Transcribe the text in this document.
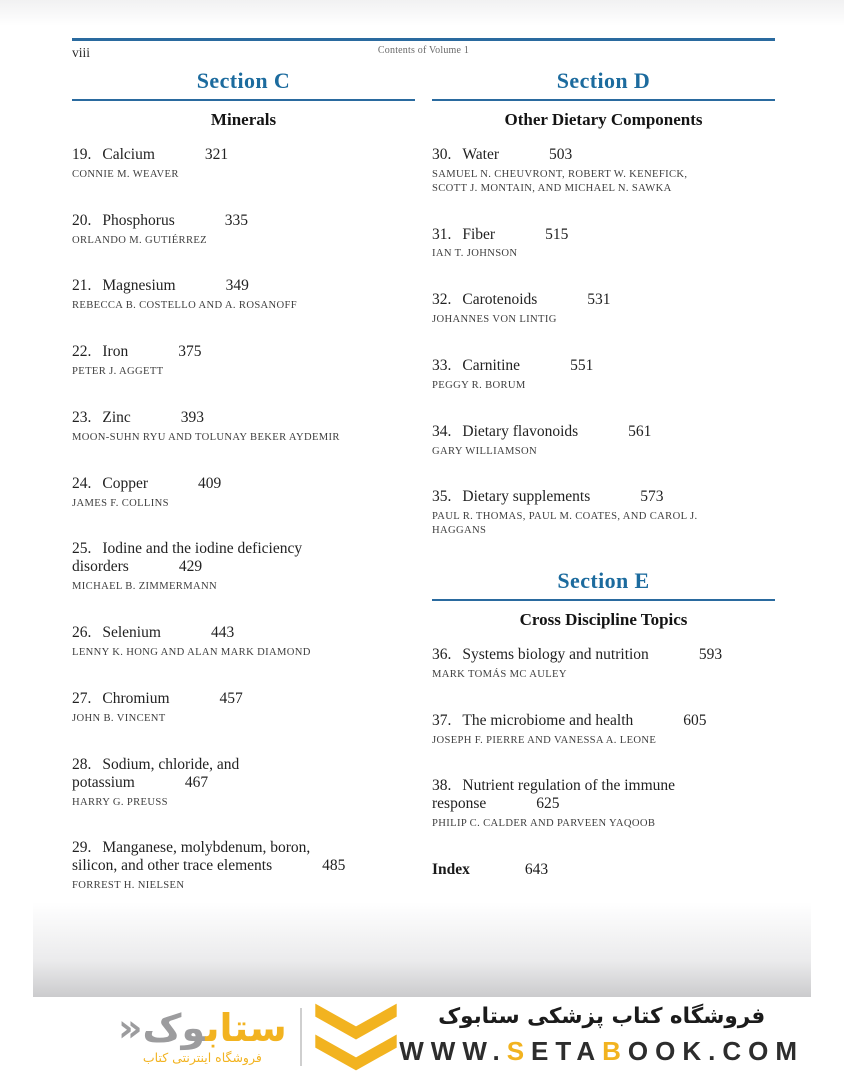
viii	Contents of Volume 1
Section C
Minerals
19. Calcium	321
CONNIE M. WEAVER
20. Phosphorus	335
ORLANDO M. GUTIÉRREZ
21. Magnesium	349
REBECCA B. COSTELLO AND A. ROSANOFF
22. Iron	375
PETER J. AGGETT
23. Zinc	393
MOON-SUHN RYU AND TOLUNAY BEKER AYDEMIR
24. Copper	409
JAMES F. COLLINS
25. Iodine and the iodine deficiency
disorders	429
MICHAEL B. ZIMMERMANN
26. Selenium	443
LENNY K. HONG AND ALAN MARK DIAMOND
27. Chromium	457
JOHN B. VINCENT
28. Sodium, chloride, and
potassium	467
HARRY G. PREUSS
29. Manganese, molybdenum, boron,
silicon, and other trace elements	485
FORREST H. NIELSEN
Section D
Other Dietary Components
30. Water	503
SAMUEL N. CHEUVRONT, ROBERT W. KENEFICK,
SCOTT J. MONTAIN, AND MICHAEL N. SAWKA
31. Fiber	515
IAN T. JOHNSON
32. Carotenoids	531
JOHANNES VON LINTIG
33. Carnitine	551
PEGGY R. BORUM
34. Dietary flavonoids	561
GARY WILLIAMSON
35. Dietary supplements	573
PAUL R. THOMAS, PAUL M. COATES, AND CAROL J.
HAGGANS
Section E
Cross Discipline Topics
36. Systems biology and nutrition	593
MARK TOMÁS MC AULEY
37. The microbiome and health	605
JOSEPH F. PIERRE AND VANESSA A. LEONE
38. Nutrient regulation of the immune
response	625
PHILIP C. CALDER AND PARVEEN YAQOOB
Index	643
ستابوک«
فروشگاه اینترنتی کتاب
فروشگاه کتاب پزشکی ستابوک
WWW.SETABOOK.COM
